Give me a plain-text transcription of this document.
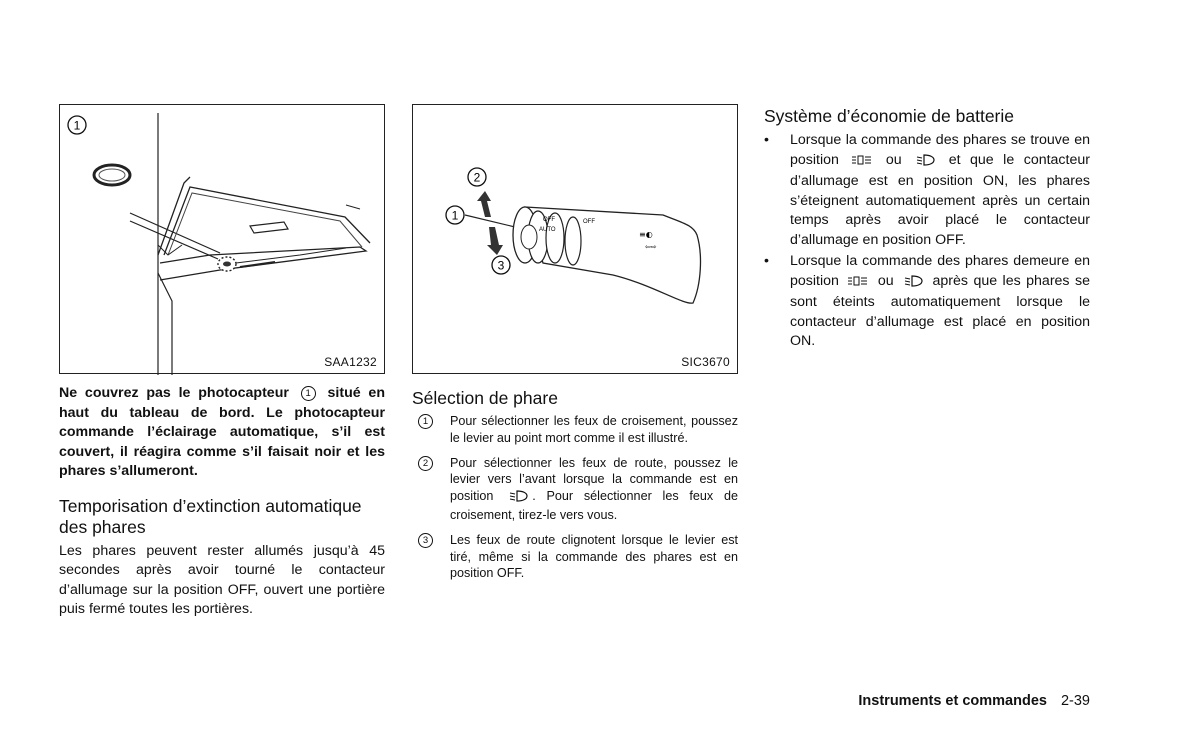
1
SAA1232
2
1
3
OFF
AUTO
OFF
≡◐
⇦⇨
SIC3670

Ne couvrez pas le photocapteur 1 situé en haut du tableau de bord. Le photocapteur commande l’éclairage automatique, s’il est couvert, il réagira comme s’il faisait noir et les phares s’allumeront.

Temporisation d’extinction automatique des phares

Les phares peuvent rester allumés jusqu’à 45 secondes après avoir tourné le contacteur d’allumage sur la position OFF, ouvert une portière puis fermé toutes les portières.

Sélection de phare
1	Pour sélectionner les feux de croisement, poussez le levier au point mort comme il est illustré.
2	Pour sélectionner les feux de route, poussez le levier vers l’avant lorsque la commande est en position	. Pour sélectionner les feux de croisement, tirez-le vers vous.
3	Les feux de route clignotent lorsque le levier est tiré, même si la commande des phares est en position OFF.
Système d’économie de batterie
• Lorsque la commande des phares se trouve en position	ou	et que le contacteur d’allumage est en position ON, les phares s’éteignent automatiquement après un certain temps après avoir placé le contacteur d’allumage en position OFF.
• Lorsque la commande des phares demeure en position	ou	après que les phares se sont éteints automatiquement lorsque le contacteur d’allumage est placé en position ON.
Instruments et commandes 2-39
